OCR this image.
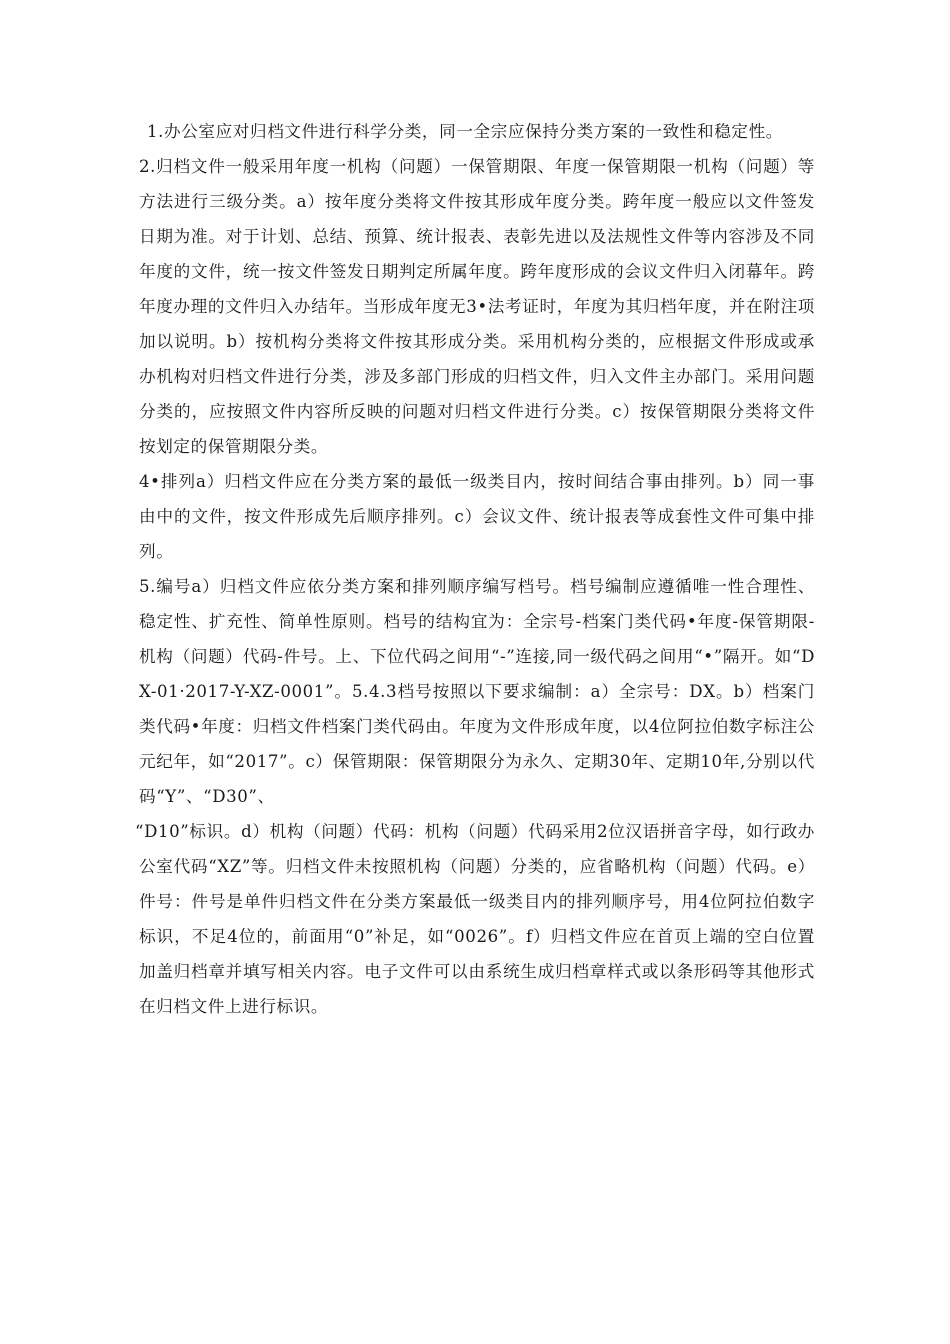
1.办公室应对归档文件进行科学分类，同一全宗应保持分类方案的一致性和稳定性。

2.归档文件一般采用年度一机构（问题）一保管期限、年度一保管期限一机构（问题）等方法进行三级分类。a）按年度分类将文件按其形成年度分类。跨年度一般应以文件签发日期为准。对于计划、总结、预算、统计报表、表彰先进以及法规性文件等内容涉及不同年度的文件，统一按文件签发日期判定所属年度。跨年度形成的会议文件归入闭幕年。跨年度办理的文件归入办结年。当形成年度无3•法考证时，年度为其归档年度，并在附注项加以说明。b）按机构分类将文件按其形成分类。采用机构分类的，应根据文件形成或承办机构对归档文件进行分类，涉及多部门形成的归档文件，归入文件主办部门。采用问题分类的，应按照文件内容所反映的问题对归档文件进行分类。c）按保管期限分类将文件按划定的保管期限分类。

4•排列a）归档文件应在分类方案的最低一级类目内，按时间结合事由排列。b）同一事由中的文件，按文件形成先后顺序排列。c）会议文件、统计报表等成套性文件可集中排列。

5.编号a）归档文件应依分类方案和排列顺序编写档号。档号编制应遵循唯一性合理性、稳定性、扩充性、简单性原则。档号的结构宜为：全宗号-档案门类代码•年度-保管期限-机构（问题）代码-件号。上、下位代码之间用“-”连接,同一级代码之间用“•”隔开。如“DX-01·2017-Y-XZ-0001”。5.4.3档号按照以下要求编制：a）全宗号：DX。b）档案门类代码•年度：归档文件档案门类代码由。年度为文件形成年度，以4位阿拉伯数字标注公元纪年，如“2017”。c）保管期限：保管期限分为永久、定期30年、定期10年,分别以代码“Y”、“D30”、

“D10”标识。d）机构（问题）代码：机构（问题）代码采用2位汉语拼音字母，如行政办公室代码“XZ”等。归档文件未按照机构（问题）分类的，应省略机构（问题）代码。e）件号：件号是单件归档文件在分类方案最低一级类目内的排列顺序号，用4位阿拉伯数字标识，不足4位的，前面用“0”补足，如“0026”。f）归档文件应在首页上端的空白位置加盖归档章并填写相关内容。电子文件可以由系统生成归档章样式或以条形码等其他形式在归档文件上进行标识。
